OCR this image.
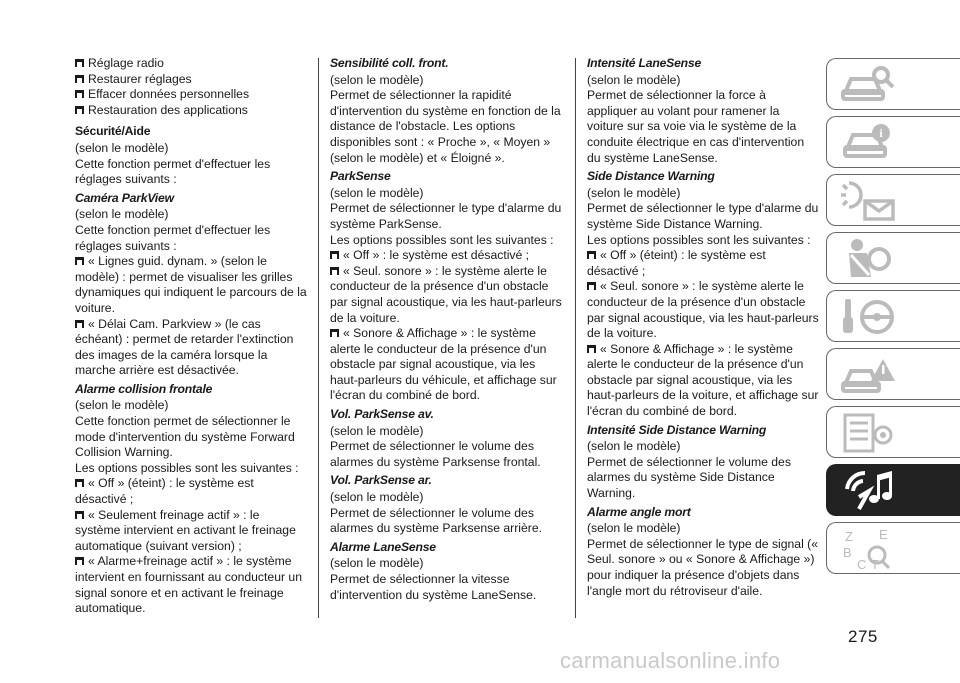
Réglage radio

Restaurer réglages

Effacer données personnelles

Restauration des applications

Sécurité/Aide

(selon le modèle)

Cette fonction permet d'effectuer les réglages suivants :

Caméra ParkView

(selon le modèle)

Cette fonction permet d'effectuer les réglages suivants :

« Lignes guid. dynam. » (selon le modèle) : permet de visualiser les grilles dynamiques qui indiquent le parcours de la voiture.

« Délai Cam. Parkview » (le cas échéant) : permet de retarder l'extinction des images de la caméra lorsque la marche arrière est désactivée.

Alarme collision frontale

(selon le modèle)

Cette fonction permet de sélectionner le mode d'intervention du système Forward Collision Warning.

Les options possibles sont les suivantes :

« Off » (éteint) : le système est désactivé ;

« Seulement freinage actif » : le système intervient en activant le freinage automatique (suivant version) ;

« Alarme+freinage actif » : le système intervient en fournissant au conducteur un signal sonore et en activant le freinage automatique.

Sensibilité coll. front.

(selon le modèle)

Permet de sélectionner la rapidité d'intervention du système en fonction de la distance de l'obstacle. Les options disponibles sont : « Proche », « Moyen » (selon le modèle) et « Éloigné ».

ParkSense

(selon le modèle)

Permet de sélectionner le type d'alarme du système ParkSense.

Les options possibles sont les suivantes :

« Off » : le système est désactivé ;

« Seul. sonore » : le système alerte le conducteur de la présence d'un obstacle par signal acoustique, via les haut-parleurs de la voiture.

« Sonore & Affichage » : le système alerte le conducteur de la présence d'un obstacle par signal acoustique, via les haut-parleurs du véhicule, et affichage sur l'écran du combiné de bord.

Vol. ParkSense av.

(selon le modèle)

Permet de sélectionner le volume des alarmes du système Parksense frontal.

Vol. ParkSense ar.

(selon le modèle)

Permet de sélectionner le volume des alarmes du système Parksense arrière.

Alarme LaneSense

(selon le modèle)

Permet de sélectionner la vitesse d'intervention du système LaneSense.

Intensité LaneSense

(selon le modèle)

Permet de sélectionner la force à appliquer au volant pour ramener la voiture sur sa voie via le système de la conduite électrique en cas d'intervention du système LaneSense.

Side Distance Warning

(selon le modèle)

Permet de sélectionner le type d'alarme du système Side Distance Warning.

Les options possibles sont les suivantes :

« Off » (éteint) : le système est désactivé ;

« Seul. sonore » : le système alerte le conducteur de la présence d'un obstacle par signal acoustique, via les haut-parleurs de la voiture.

« Sonore & Affichage » : le système alerte le conducteur de la présence d'un obstacle par signal acoustique, via les haut-parleurs de la voiture, et affichage sur l'écran du combiné de bord.

Intensité Side Distance Warning

(selon le modèle)

Permet de sélectionner le volume des alarmes du système Side Distance Warning.

Alarme angle mort

(selon le modèle)

Permet de sélectionner le type de signal (« Seul. sonore » ou « Sonore & Affichage ») pour indiquer la présence d'objets dans l'angle mort du rétroviseur d'aile.

i
Z E
B
C T
275
carmanualsonline.info
